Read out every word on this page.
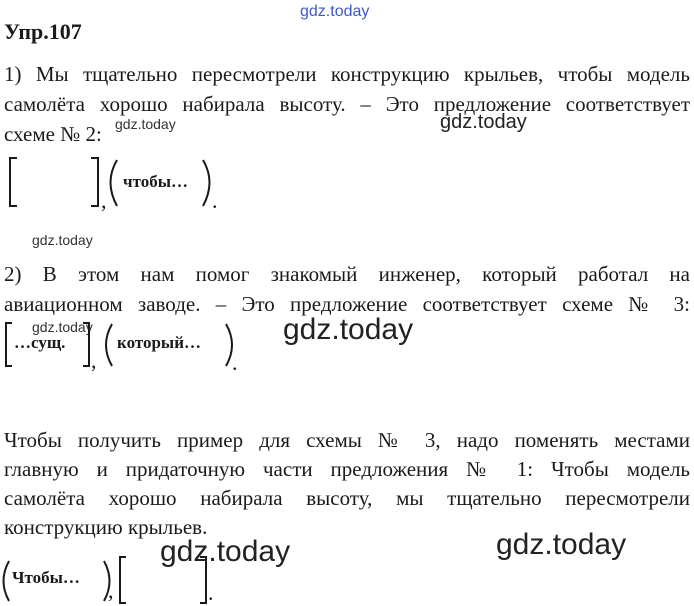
gdz.today
Упр.107
1) Мы тщательно пересмотрели конструкцию крыльев, чтобы модель
самолёта хорошо набирала высоту. – Это предложение соответствует
схеме № 2: gdz.today	gdz.today
,
чтобы…
.
gdz.today
2) В этом нам помог знакомый инженер, который работал на
авиационном заводе. – Это предложение соответствует схеме № 3:
gdz.today	gdz.today
…сущ.
,
который…
.
Чтобы получить пример для схемы № 3, надо поменять местами
главную и придаточную части предложения № 1: Чтобы модель
самолёта хорошо набирала высоту, мы тщательно пересмотрели
конструкцию крыльев.
gdz.today	gdz.today
Чтобы…
,	.
